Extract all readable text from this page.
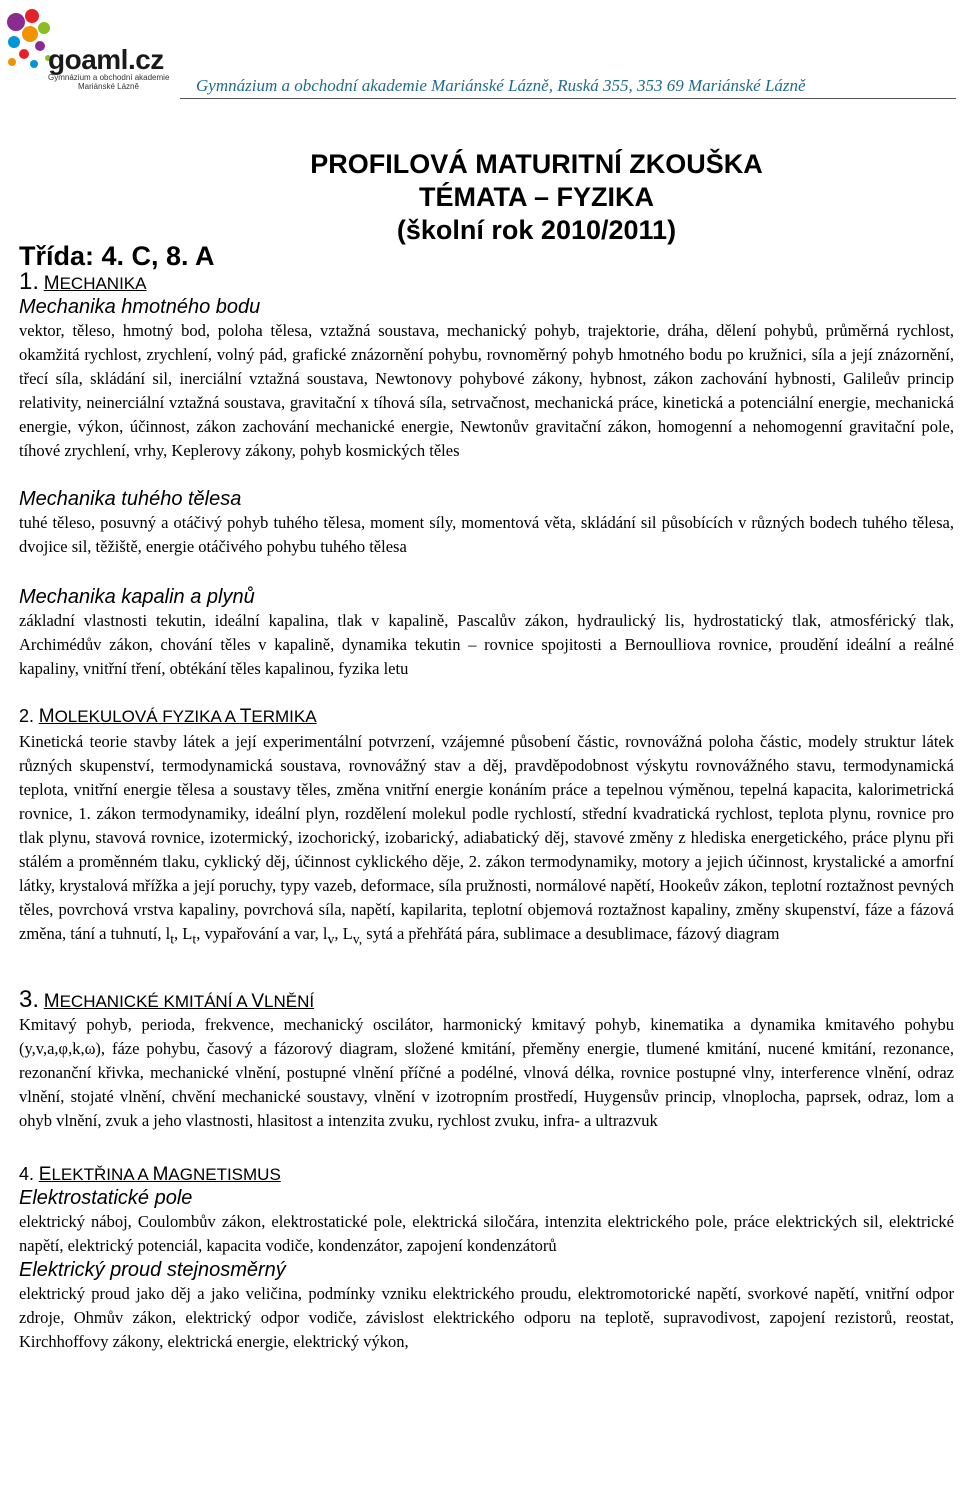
goaml.cz
Gymnázium a obchodní akademie
Mariánské Lázně	Gymnázium a obchodní akademie Mariánské Lázně, Ruská 355, 353 69 Mariánské Lázně
PROFILOVÁ MATURITNÍ ZKOUŠKA
TÉMATA – FYZIKA
(školní rok 2010/2011)
Třída: 4. C, 8. A
1. MECHANIKA
Mechanika hmotného bodu

vektor, těleso, hmotný bod, poloha tělesa, vztažná soustava, mechanický pohyb, trajektorie, dráha, dělení pohybů, průměrná rychlost, okamžitá rychlost, zrychlení, volný pád, grafické znázornění pohybu, rovnoměrný pohyb hmotného bodu po kružnici, síla a její znázornění, třecí síla, skládání sil, inerciální vztažná soustava, Newtonovy pohybové zákony, hybnost, zákon zachování hybnosti, Galileův princip relativity, neinerciální vztažná soustava, gravitační x tíhová síla, setrvačnost, mechanická práce, kinetická a potenciální energie, mechanická energie, výkon, účinnost, zákon zachování mechanické energie, Newtonův gravitační zákon, homogenní a nehomogenní gravitační pole, tíhové zrychlení, vrhy, Keplerovy zákony, pohyb kosmických těles

Mechanika tuhého tělesa

tuhé těleso, posuvný a otáčivý pohyb tuhého tělesa, moment síly, momentová věta, skládání sil působících v různých bodech tuhého tělesa, dvojice sil, těžiště, energie otáčivého pohybu tuhého tělesa

Mechanika kapalin a plynů

základní vlastnosti tekutin, ideální kapalina, tlak v kapalině, Pascalův zákon, hydraulický lis, hydrostatický tlak, atmosférický tlak, Archimédův zákon, chování těles v kapalině, dynamika tekutin – rovnice spojitosti a Bernoulliova rovnice, proudění ideální a reálné kapaliny, vnitřní tření, obtékání těles kapalinou, fyzika letu

2. MOLEKULOVÁ FYZIKA A TERMIKA

Kinetická teorie stavby látek a její experimentální potvrzení, vzájemné působení částic, rovnovážná poloha částic, modely struktur látek různých skupenství, termodynamická soustava, rovnovážný stav a děj, pravděpodobnost výskytu rovnovážného stavu, termodynamická teplota, vnitřní energie tělesa a soustavy těles, změna vnitřní energie konáním práce a tepelnou výměnou, tepelná kapacita, kalorimetrická rovnice, 1. zákon termodynamiky, ideální plyn, rozdělení molekul podle rychlostí, střední kvadratická rychlost, teplota plynu, rovnice pro tlak plynu, stavová rovnice, izotermický, izochorický, izobarický, adiabatický děj, stavové změny z hlediska energetického, práce plynu při stálém a proměnném tlaku, cyklický děj, účinnost cyklického děje, 2. zákon termodynamiky, motory a jejich účinnost, krystalické a amorfní látky, krystalová mřížka a její poruchy, typy vazeb, deformace, síla pružnosti, normálové napětí, Hookeův zákon, teplotní roztažnost pevných těles, povrchová vrstva kapaliny, povrchová síla, napětí, kapilarita, teplotní objemová roztažnost kapaliny, změny skupenství, fáze a fázová změna, tání a tuhnutí, $l_t$, $L_t$, vypařování a var, $l_v$, $L_{v,}$ sytá a přehřátá pára, sublimace a desublimace, fázový diagram

3. MECHANICKÉ KMITÁNÍ A VLNĚNÍ

Kmitavý pohyb, perioda, frekvence, mechanický oscilátor, harmonický kmitavý pohyb, kinematika a dynamika kmitavého pohybu (y,v,a,φ,k,ω), fáze pohybu, časový a fázorový diagram, složené kmitání, přeměny energie, tlumené kmitání, nucené kmitání, rezonance, rezonanční křivka, mechanické vlnění, postupné vlnění příčné a podélné, vlnová délka, rovnice postupné vlny, interference vlnění, odraz vlnění, stojaté vlnění, chvění mechanické soustavy, vlnění v izotropním prostředí, Huygensův princip, vlnoplocha, paprsek, odraz, lom a ohyb vlnění, zvuk a jeho vlastnosti, hlasitost a intenzita zvuku, rychlost zvuku, infra- a ultrazvuk

4. ELEKTŘINA A MAGNETISMUS
Elektrostatické pole

elektrický náboj, Coulombův zákon, elektrostatické pole, elektrická siločára, intenzita elektrického pole, práce elektrických sil, elektrické napětí, elektrický potenciál, kapacita vodiče, kondenzátor, zapojení kondenzátorů

Elektrický proud stejnosměrný

elektrický proud jako děj a jako veličina, podmínky vzniku elektrického proudu, elektromotorické napětí, svorkové napětí, vnitřní odpor zdroje, Ohmův zákon, elektrický odpor vodiče, závislost elektrického odporu na teplotě, supravodivost, zapojení rezistorů, reostat, Kirchhoffovy zákony, elektrická energie, elektrický výkon,
